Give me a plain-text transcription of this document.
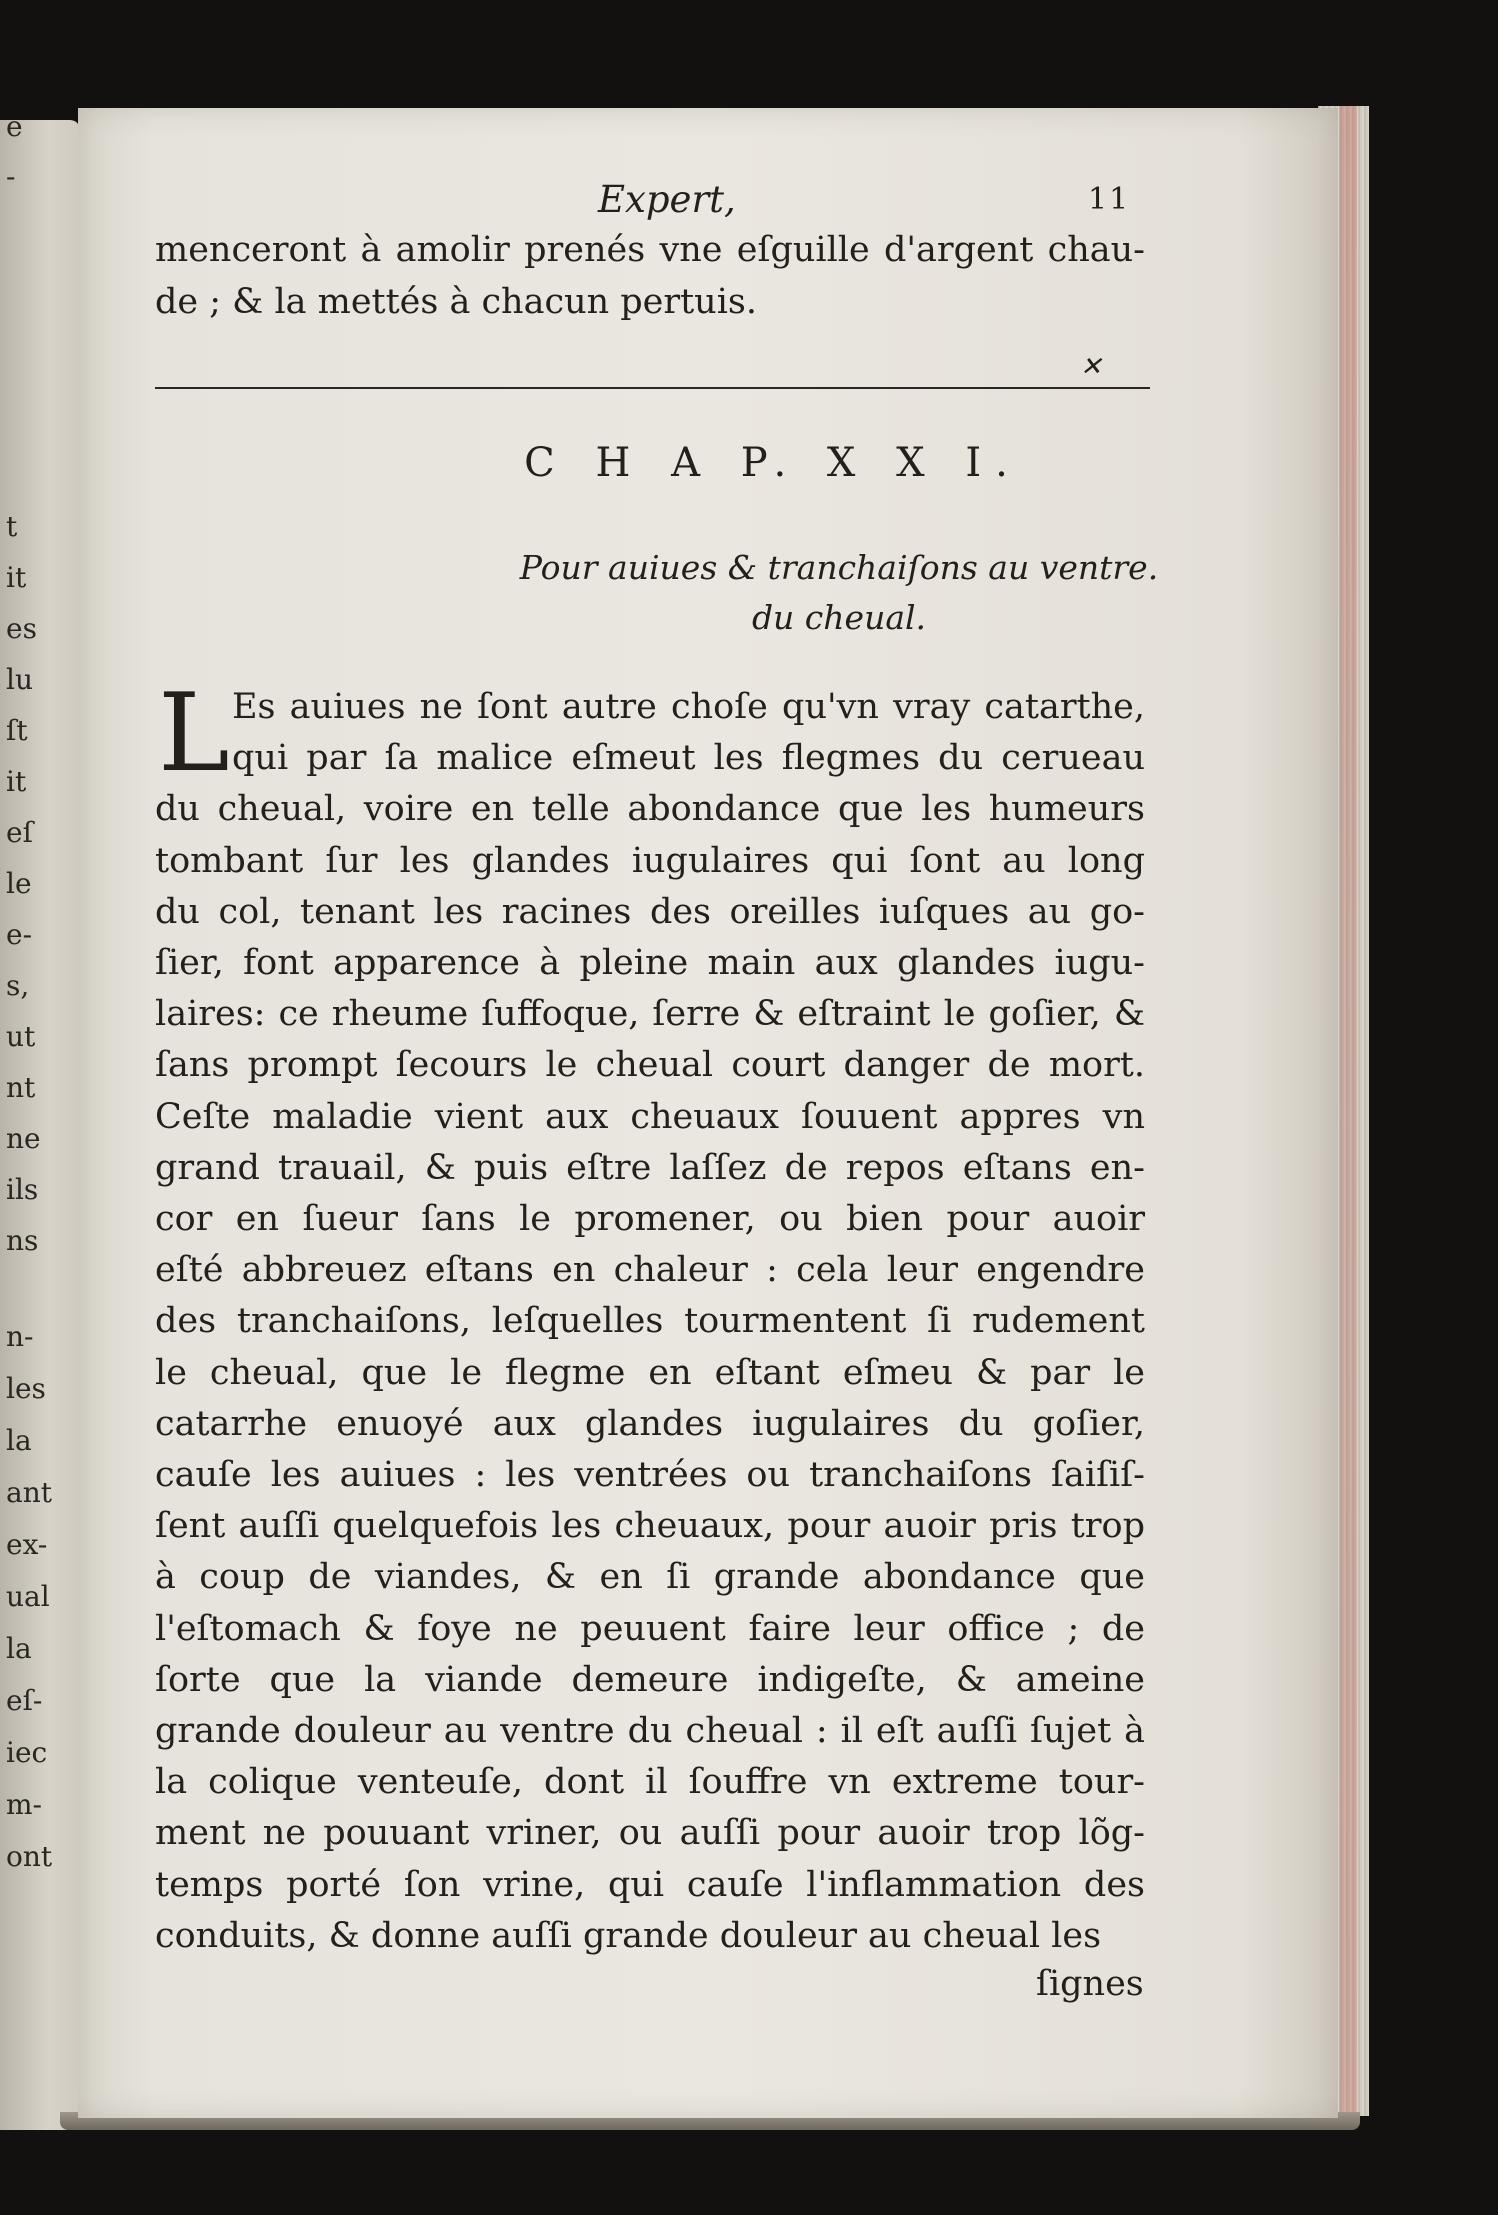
e
-
t
it
es
lu
ſt
it
eſ
le
e-
s,
ut
nt
ne
ils
ns
n-
les
la
ant
ex-
ual
la
eſ-
iec
m-
ont
Expert,	11
menceront à amolir prenés vne eſguille d'argent chau-
de ; & la mettés à chacun pertuis.
✕
C H A P. X X I.
Pour auiues & tranchaiſons au ventre.
du cheual.
L Es auiues ne ſont autre choſe qu'vn vray catarthe,
qui par ſa malice eſmeut les flegmes du cerueau
du cheual, voire en telle abondance que les humeurs
tombant ſur les glandes iugulaires qui ſont au long
du col, tenant les racines des oreilles iuſques au go-
ſier, font apparence à pleine main aux glandes iugu-
laires: ce rheume ſuffoque, ſerre & eſtraint le goſier, &
ſans prompt ſecours le cheual court danger de mort.
Ceſte maladie vient aux cheuaux ſouuent appres vn
grand trauail, & puis eſtre laſſez de repos eſtans en-
cor en ſueur ſans le promener, ou bien pour auoir
eſté abbreuez eſtans en chaleur : cela leur engendre
des tranchaiſons, leſquelles tourmentent ſi rudement
le cheual, que le flegme en eſtant eſmeu & par le
catarrhe enuoyé aux glandes iugulaires du goſier,
cauſe les auiues : les ventrées ou tranchaiſons ſaiſiſ-
ſent auſſi quelquefois les cheuaux, pour auoir pris trop
à coup de viandes, & en ſi grande abondance que
l'eſtomach & foye ne peuuent faire leur office ; de
ſorte que la viande demeure indigeſte, & ameine
grande douleur au ventre du cheual : il eſt auſſi ſujet à
la colique venteuſe, dont il ſouffre vn extreme tour-
ment ne pouuant vriner, ou auſſi pour auoir trop lõg-
temps porté ſon vrine, qui cauſe l'inflammation des
conduits, & donne auſſi grande douleur au cheual les
ſignes
